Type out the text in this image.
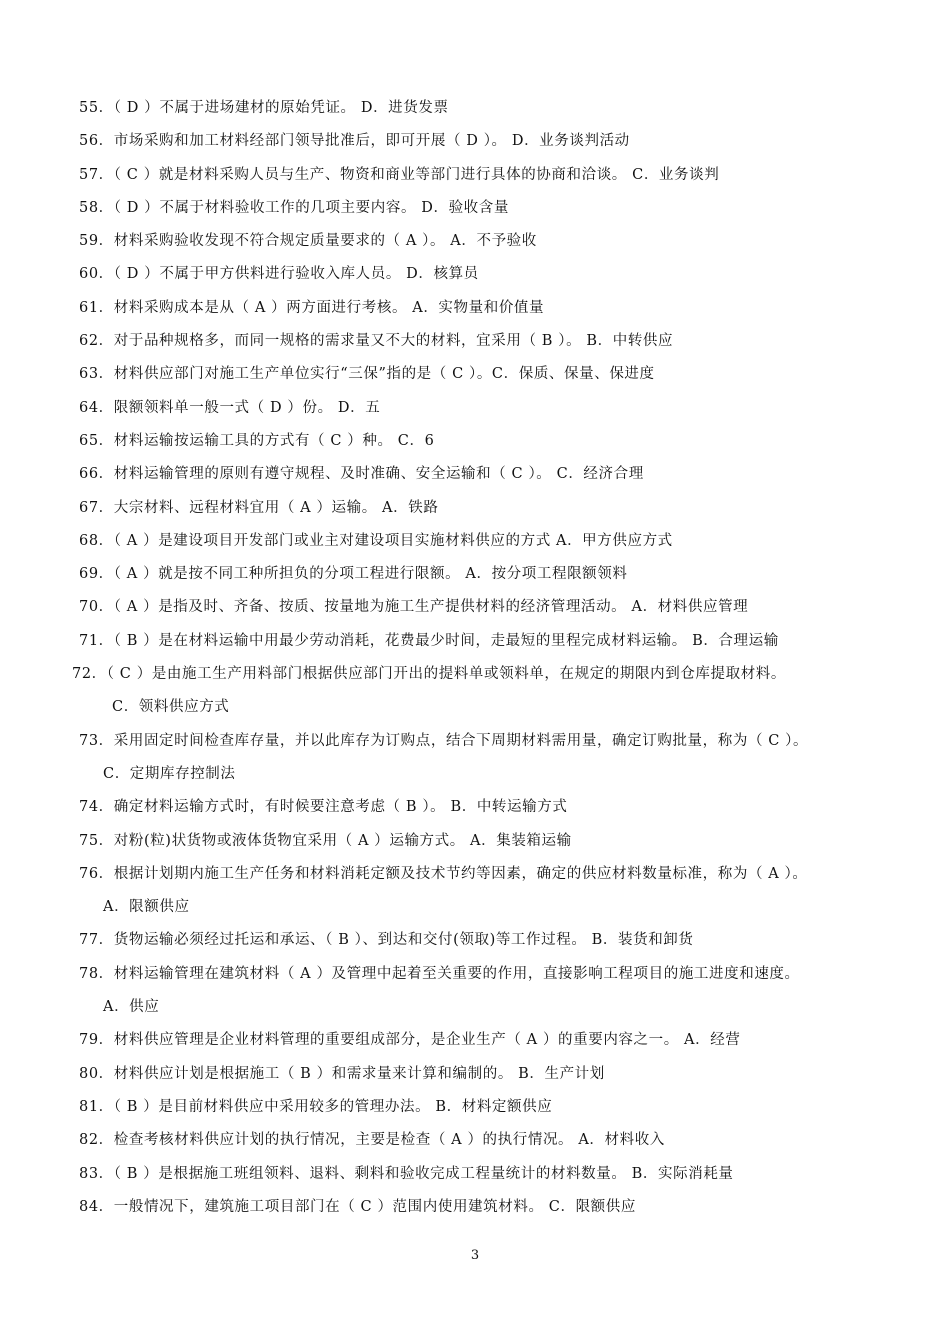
55．（ D ）不属于进场建材的原始凭证。 D．进货发票
56．市场采购和加工材料经部门领导批准后，即可开展（ D ）。 D．业务谈判活动
57．（ C ）就是材料采购人员与生产、物资和商业等部门进行具体的协商和洽谈。 C．业务谈判
58．（ D ）不属于材料验收工作的几项主要内容。 D．验收含量
59．材料采购验收发现不符合规定质量要求的（ A ）。 A．不予验收
60．（ D ）不属于甲方供料进行验收入库人员。 D．核算员
61．材料采购成本是从（ A ）两方面进行考核。 A．实物量和价值量
62．对于品种规格多，而同一规格的需求量又不大的材料，宜采用（ B ）。 B．中转供应
63．材料供应部门对施工生产单位实行“三保”指的是（ C ）。C．保质、保量、保进度
64．限额领料单一般一式（ D ）份。 D．五
65．材料运输按运输工具的方式有（ C ）种。 C．6
66．材料运输管理的原则有遵守规程、及时准确、安全运输和（ C ）。 C．经济合理
67．大宗材料、远程材料宜用（ A ）运输。 A．铁路
68．（ A ）是建设项目开发部门或业主对建设项目实施材料供应的方式 A．甲方供应方式
69．（ A ）就是按不同工种所担负的分项工程进行限额。 A．按分项工程限额领料
70．（ A ）是指及时、齐备、按质、按量地为施工生产提供材料的经济管理活动。 A．材料供应管理
71．（ B ）是在材料运输中用最少劳动消耗，花费最少时间，走最短的里程完成材料运输。 B．合理运输
72．（ C ）是由施工生产用料部门根据供应部门开出的提料单或领料单，在规定的期限内到仓库提取材料。
C．领料供应方式
73．采用固定时间检查库存量，并以此库存为订购点，结合下周期材料需用量，确定订购批量，称为（ C ）。
C．定期库存控制法
74．确定材料运输方式时，有时候要注意考虑（ B ）。 B．中转运输方式
75．对粉(粒)状货物或液体货物宜采用（ A ）运输方式。 A．集装箱运输
76．根据计划期内施工生产任务和材料消耗定额及技术节约等因素，确定的供应材料数量标准，称为（ A ）。
A．限额供应
77．货物运输必须经过托运和承运、（ B ）、到达和交付(领取)等工作过程。 B．装货和卸货
78．材料运输管理在建筑材料（ A ）及管理中起着至关重要的作用，直接影响工程项目的施工进度和速度。
A．供应
79．材料供应管理是企业材料管理的重要组成部分，是企业生产（ A ）的重要内容之一。 A．经营
80．材料供应计划是根据施工（ B ）和需求量来计算和编制的。 B．生产计划
81．（ B ）是目前材料供应中采用较多的管理办法。 B．材料定额供应
82．检查考核材料供应计划的执行情况，主要是检查（ A ）的执行情况。 A．材料收入
83．（ B ）是根据施工班组领料、退料、剩料和验收完成工程量统计的材料数量。 B．实际消耗量
84．一般情况下，建筑施工项目部门在（ C ）范围内使用建筑材料。 C．限额供应
3
